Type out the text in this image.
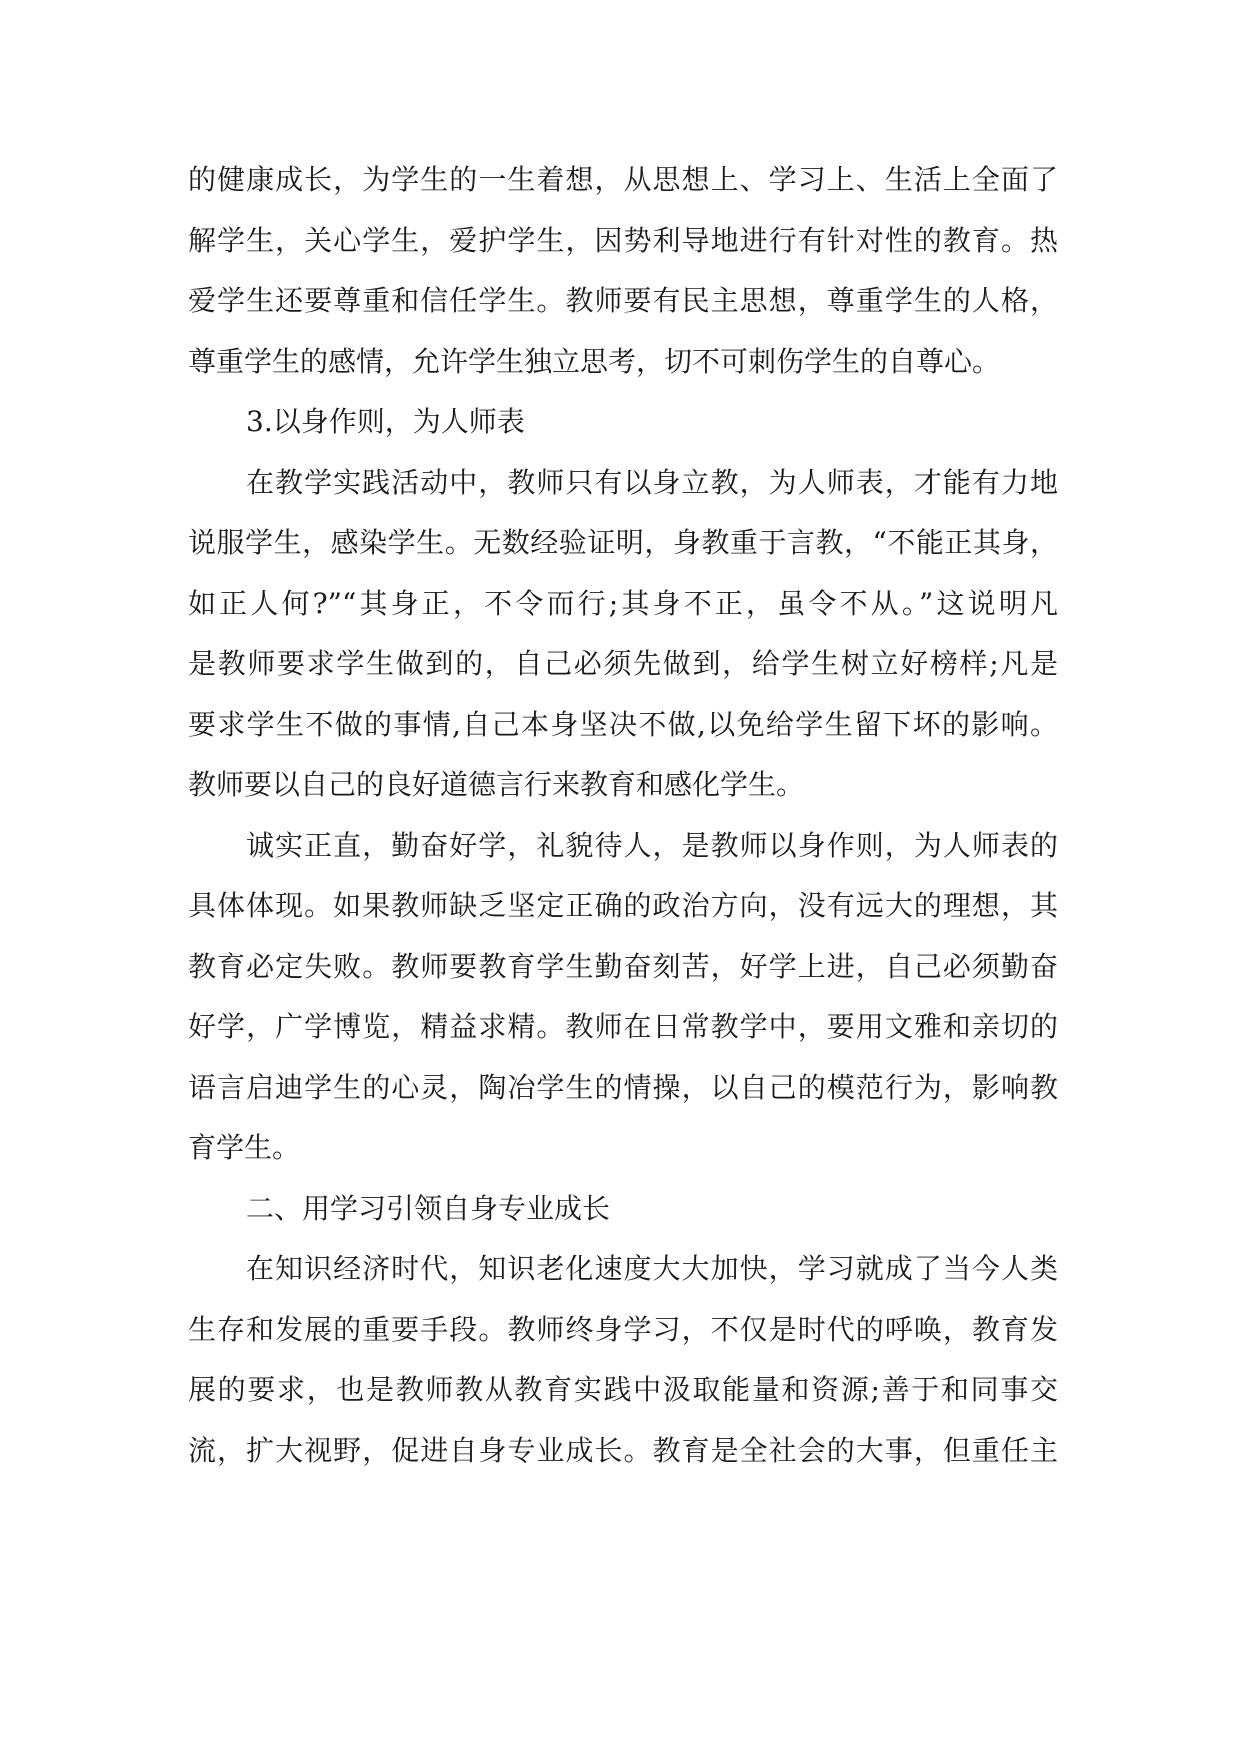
的健康成长，为学生的一生着想，从思想上、学习上、生活上全面了
解学生，关心学生，爱护学生，因势利导地进行有针对性的教育。热
爱学生还要尊重和信任学生。教师要有民主思想，尊重学生的人格，
尊重学生的感情，允许学生独立思考，切不可刺伤学生的自尊心。
3.以身作则，为人师表
在教学实践活动中，教师只有以身立教，为人师表，才能有力地
说服学生，感染学生。无数经验证明，身教重于言教，“不能正其身，
如正人何?”“其身正，不令而行;其身不正，虽令不从。”这说明凡
是教师要求学生做到的，自己必须先做到，给学生树立好榜样;凡是
要求学生不做的事情,自己本身坚决不做,以免给学生留下坏的影响。
教师要以自己的良好道德言行来教育和感化学生。
诚实正直，勤奋好学，礼貌待人，是教师以身作则，为人师表的
具体体现。如果教师缺乏坚定正确的政治方向，没有远大的理想，其
教育必定失败。教师要教育学生勤奋刻苦，好学上进，自己必须勤奋
好学，广学博览，精益求精。教师在日常教学中，要用文雅和亲切的
语言启迪学生的心灵，陶冶学生的情操，以自己的模范行为，影响教
育学生。
二、用学习引领自身专业成长
在知识经济时代，知识老化速度大大加快，学习就成了当今人类
生存和发展的重要手段。教师终身学习，不仅是时代的呼唤，教育发
展的要求，也是教师教从教育实践中汲取能量和资源;善于和同事交
流，扩大视野，促进自身专业成长。教育是全社会的大事，但重任主
